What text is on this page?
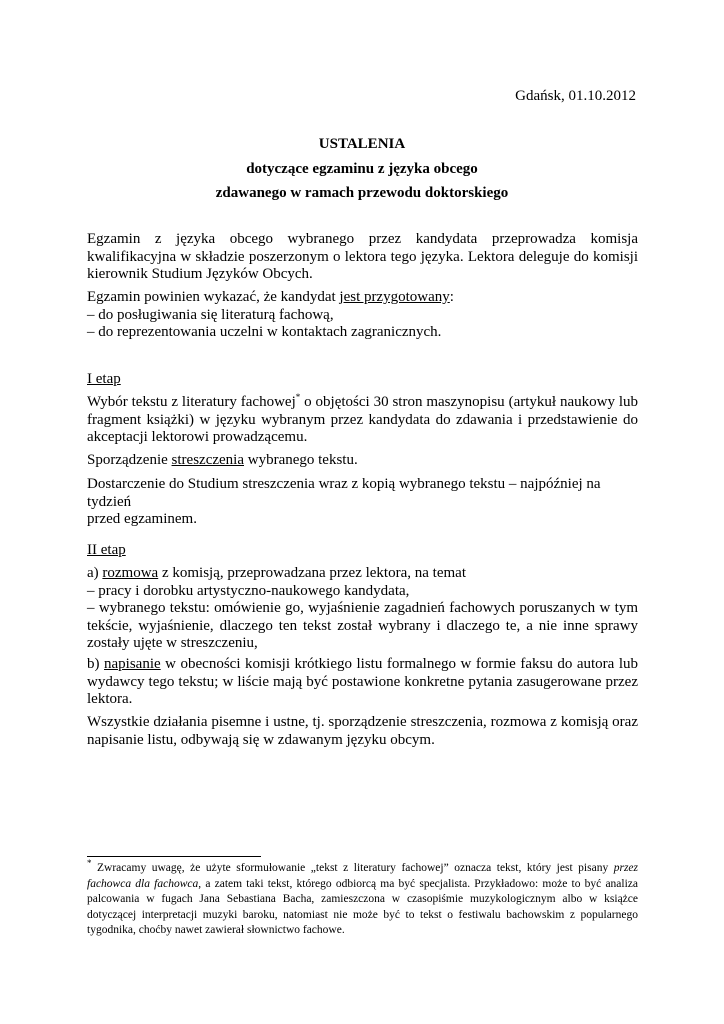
Gdańsk, 01.10.2012
USTALENIA
dotyczące egzaminu z języka obcego
zdawanego w ramach przewodu doktorskiego
Egzamin z języka obcego wybranego przez kandydata przeprowadza komisja kwalifikacyjna w składzie poszerzonym o lektora tego języka. Lektora deleguje do komisji kierownik Studium Języków Obcych.
Egzamin powinien wykazać, że kandydat jest przygotowany:
– do posługiwania się literaturą fachową,
– do reprezentowania uczelni w kontaktach zagranicznych.
I etap
Wybór tekstu z literatury fachowej* o objętości 30 stron maszynopisu (artykuł naukowy lub fragment książki) w języku wybranym przez kandydata do zdawania i przedstawienie do akceptacji lektorowi prowadzącemu.
Sporządzenie streszczenia wybranego tekstu.
Dostarczenie do Studium streszczenia wraz z kopią wybranego tekstu – najpóźniej na tydzień
przed egzaminem.
II etap
a) rozmowa z komisją, przeprowadzana przez lektora, na temat
– pracy i dorobku artystyczno-naukowego kandydata,
– wybranego tekstu: omówienie go, wyjaśnienie zagadnień fachowych poruszanych w tym tekście, wyjaśnienie, dlaczego ten tekst został wybrany i dlaczego te, a nie inne sprawy zostały ujęte w streszczeniu,
b) napisanie w obecności komisji krótkiego listu formalnego w formie faksu do autora lub wydawcy tego tekstu; w liście mają być postawione konkretne pytania zasugerowane przez lektora.
Wszystkie działania pisemne i ustne, tj. sporządzenie streszczenia, rozmowa z komisją oraz napisanie listu, odbywają się w zdawanym języku obcym.
* Zwracamy uwagę, że użyte sformułowanie „tekst z literatury fachowej” oznacza tekst, który jest pisany przez fachowca dla fachowca, a zatem taki tekst, którego odbiorcą ma być specjalista. Przykładowo: może to być analiza palcowania w fugach Jana Sebastiana Bacha, zamieszczona w czasopiśmie muzykologicznym albo w książce dotyczącej interpretacji muzyki baroku, natomiast nie może być to tekst o festiwalu bachowskim z popularnego tygodnika, choćby nawet zawierał słownictwo fachowe.
